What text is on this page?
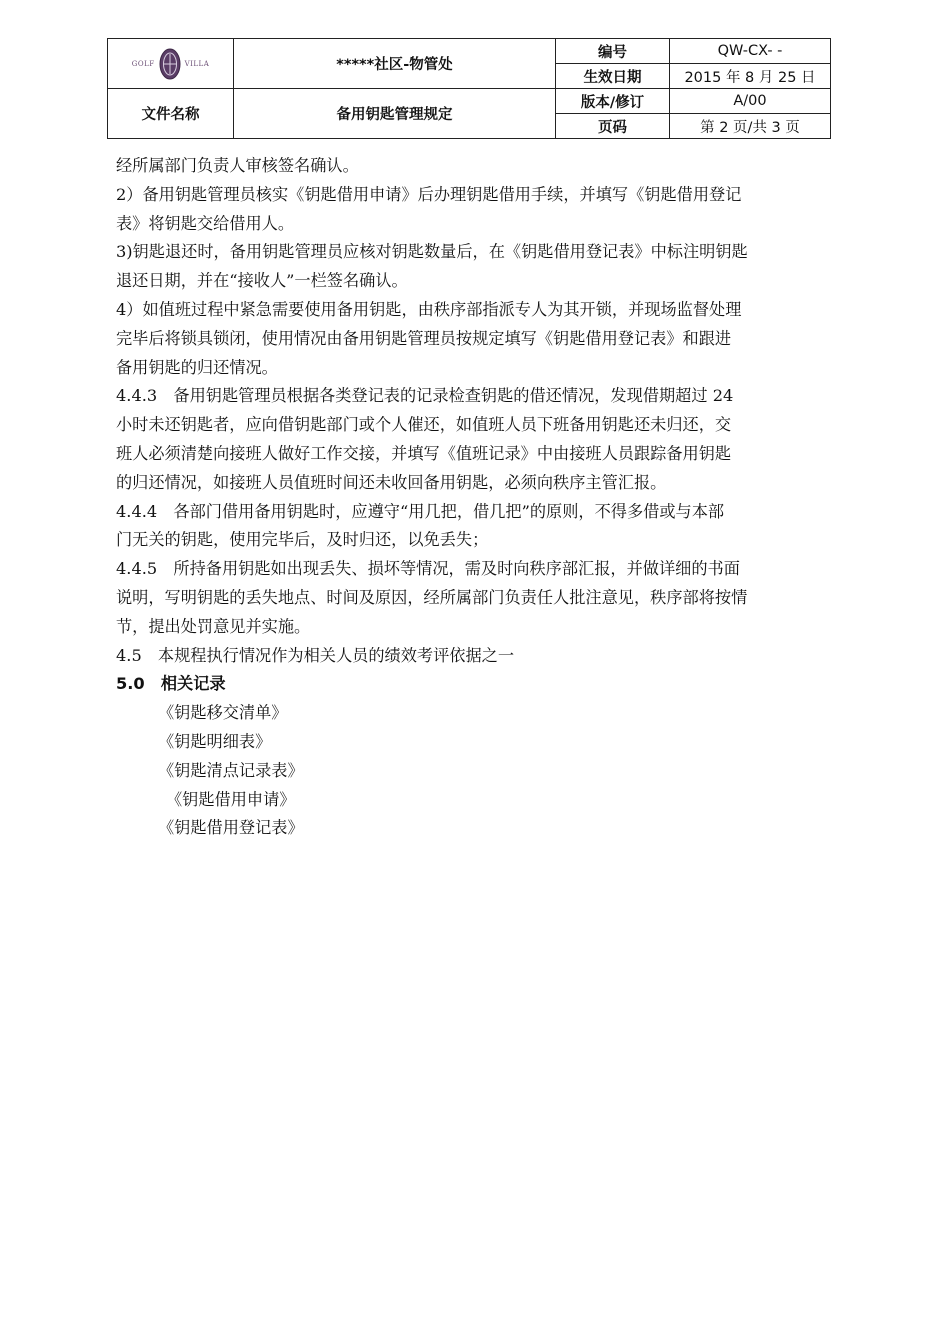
GOLF VILLA	*****社区-物管处	编号	QW-CX- -
		生效日期	2015 年 8 月 25 日
文件名称	备用钥匙管理规定	版本/修订	A/00
		页码	第 2 页/共 3 页

经所属部门负责人审核签名确认。

2）备用钥匙管理员核实《钥匙借用申请》后办理钥匙借用手续，并填写《钥匙借用登记

表》将钥匙交给借用人。

3)钥匙退还时，备用钥匙管理员应核对钥匙数量后，在《钥匙借用登记表》中标注明钥匙

退还日期，并在“接收人”一栏签名确认。

4）如值班过程中紧急需要使用备用钥匙，由秩序部指派专人为其开锁，并现场监督处理

完毕后将锁具锁闭，使用情况由备用钥匙管理员按规定填写《钥匙借用登记表》和跟进

备用钥匙的归还情况。

4.4.3　备用钥匙管理员根据各类登记表的记录检查钥匙的借还情况，发现借期超过 24

小时未还钥匙者，应向借钥匙部门或个人催还，如值班人员下班备用钥匙还未归还，交

班人必须清楚向接班人做好工作交接，并填写《值班记录》中由接班人员跟踪备用钥匙

的归还情况，如接班人员值班时间还未收回备用钥匙，必须向秩序主管汇报。

4.4.4　各部门借用备用钥匙时，应遵守“用几把，借几把”的原则，不得多借或与本部

门无关的钥匙，使用完毕后，及时归还，以免丢失；

4.4.5　所持备用钥匙如出现丢失、损坏等情况，需及时向秩序部汇报，并做详细的书面

说明，写明钥匙的丢失地点、时间及原因，经所属部门负责任人批注意见，秩序部将按情

节，提出处罚意见并实施。

4.5　本规程执行情况作为相关人员的绩效考评依据之一

5.0　相关记录

《钥匙移交清单》

《钥匙明细表》

《钥匙清点记录表》

《钥匙借用申请》

《钥匙借用登记表》
